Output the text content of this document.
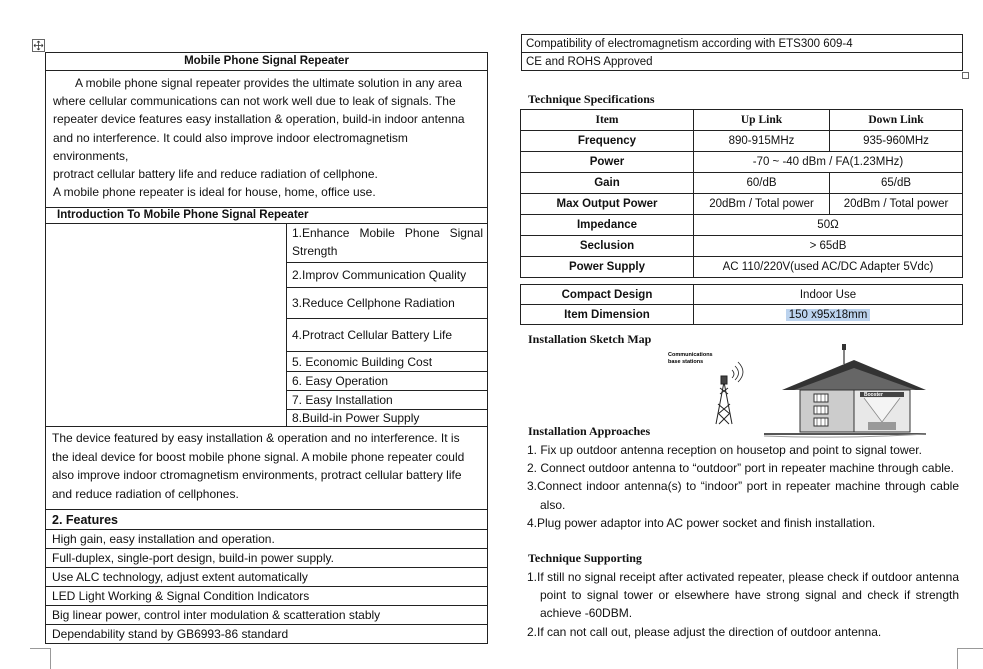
Mobile Phone Signal Repeater

A mobile phone signal repeater provides the ultimate solution in any area

where cellular communications can not work well due to leak of signals. The

repeater device features easy installation & operation, build-in indoor antenna

and no interference. It could also improve indoor electromagnetism

environments,

protract cellular battery life and reduce radiation of cellphone.

A mobile phone repeater is ideal for house, home, office use.

Introduction To Mobile Phone Signal Repeater
1.Enhance Mobile Phone Signal Strength
2.Improv Communication Quality
3.Reduce Cellphone Radiation
4.Protract Cellular Battery Life
5. Economic Building Cost
6. Easy Operation
7. Easy Installation
8.Build-in Power Supply
The device featured by easy installation & operation and no interference. It is
the ideal device for boost mobile phone signal. A mobile phone repeater could
also improve indoor ctromagnetism environments, protract cellular battery life
and reduce radiation of cellphones.
2. Features
High gain, easy installation and operation.
Full-duplex, single-port design, build-in power supply.
Use ALC technology, adjust extent automatically
LED Light Working & Signal Condition Indicators
Big linear power, control inter modulation & scatteration stably
Dependability stand by GB6993-86 standard
Compatibility of electromagnetism according with ETS300 609-4
CE and ROHS Approved
Technique Specifications
Item	Up Link	Down Link
Frequency	890-915MHz	935-960MHz
Power	-70 ~ -40 dBm / FA(1.23MHz)	
Gain	60/dB	65/dB
Max Output Power	20dBm / Total power	20dBm / Total power
Impedance	50Ω	
Seclusion	> 65dB	
Power Supply	AC 110/220V(used AC/DC Adapter 5Vdc)	
Compact Design	Indoor Use
Item Dimension	150 x95x18mm
Installation Sketch Map
Communications
base stations
Booster
Installation Approaches
1. Fix up outdoor antenna reception on housetop and point to signal tower.
2. Connect outdoor antenna to “outdoor” port in repeater machine through cable.
3.Connect indoor antenna(s) to “indoor” port in repeater machine through cable also.
4.Plug power adaptor into AC power socket and finish installation.
Technique Supporting
1.If still no signal receipt after activated repeater, please check if outdoor antenna point to signal tower or elsewhere have strong signal and check if strength achieve -60DBM.
2.If can not call out, please adjust the direction of outdoor antenna.
